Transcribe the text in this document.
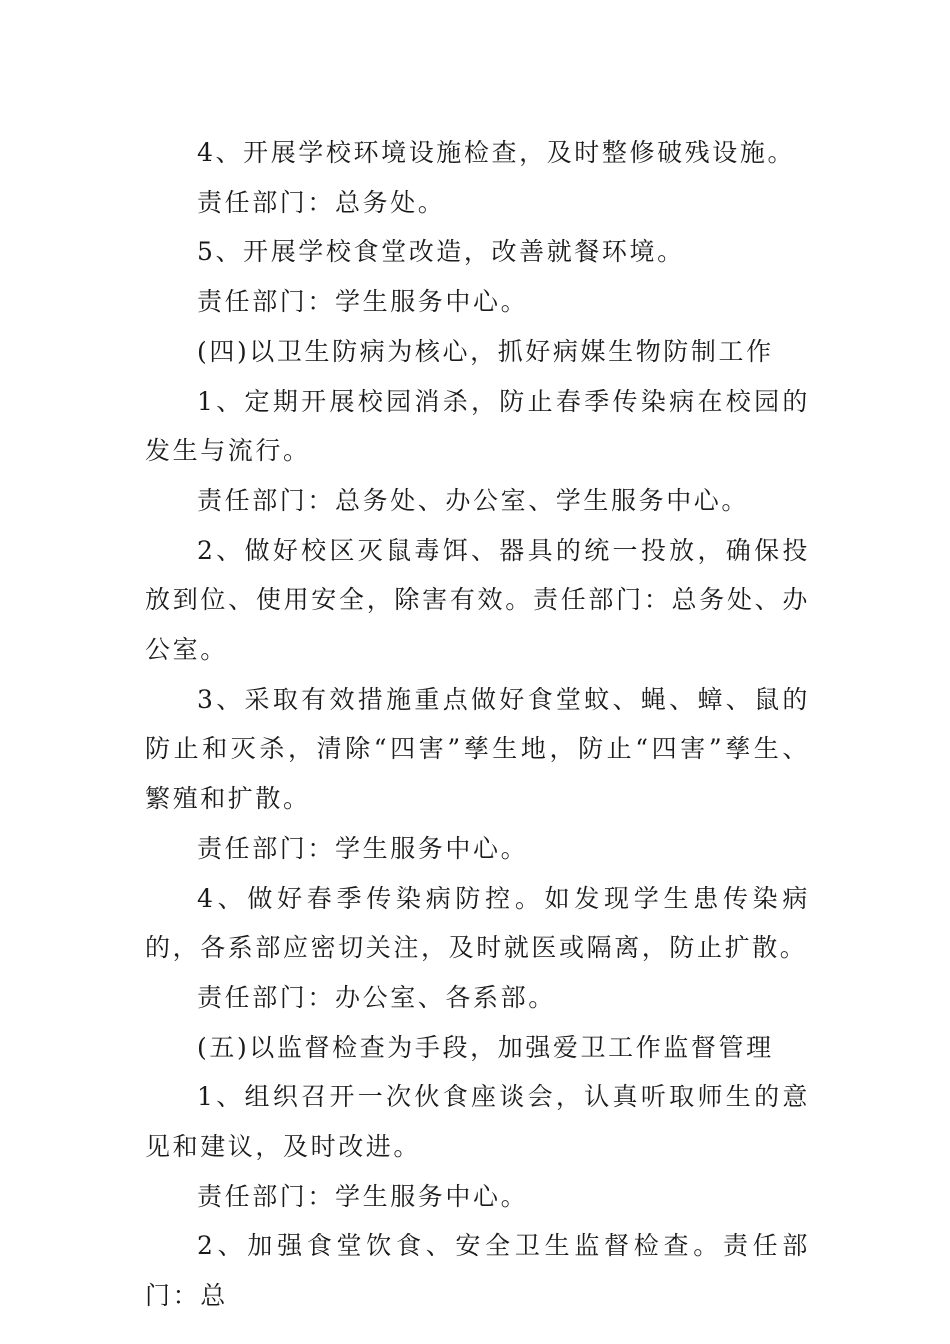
4、开展学校环境设施检查，及时整修破残设施。

责任部门：总务处。

5、开展学校食堂改造，改善就餐环境。

责任部门：学生服务中心。

(四)以卫生防病为核心，抓好病媒生物防制工作

1、定期开展校园消杀，防止春季传染病在校园的发生与流行。

责任部门：总务处、办公室、学生服务中心。

2、做好校区灭鼠毒饵、器具的统一投放，确保投放到位、使用安全，除害有效。责任部门：总务处、办公室。

3、采取有效措施重点做好食堂蚊、蝇、蟑、鼠的防止和灭杀，清除“四害”孳生地，防止“四害”孳生、繁殖和扩散。

责任部门：学生服务中心。

4、做好春季传染病防控。如发现学生患传染病的，各系部应密切关注，及时就医或隔离，防止扩散。

责任部门：办公室、各系部。

(五)以监督检查为手段，加强爱卫工作监督管理

1、组织召开一次伙食座谈会，认真听取师生的意见和建议，及时改进。

责任部门：学生服务中心。

2、加强食堂饮食、安全卫生监督检查。责任部门：总
